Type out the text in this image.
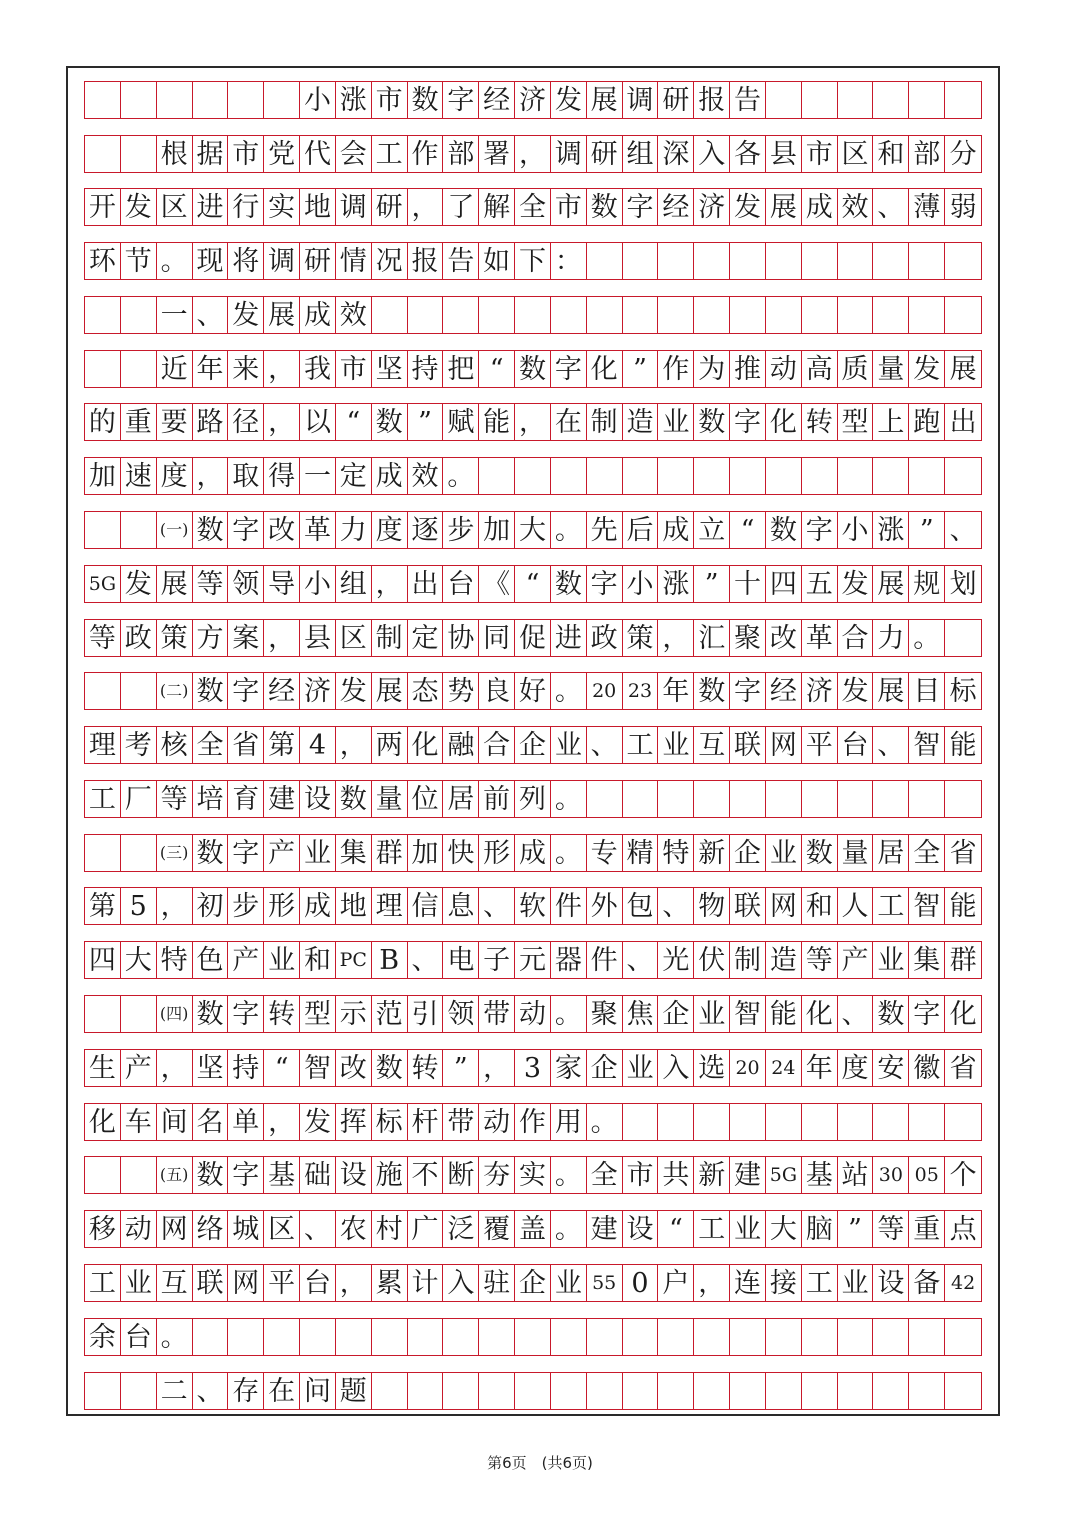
小 涨 市 数 字 经 济 发 展 调 研 报 告
根 据 市 党 代 会 工 作 部 署 ， 调 研 组 深 入 各 县 市 区 和 部 分
开 发 区 进 行 实 地 调 研 ， 了 解 全 市 数 字 经 济 发 展 成 效 、 薄 弱
环 节 。 现 将 调 研 情 况 报 告 如 下 ：
一 、 发 展 成 效
近 年 来 ， 我 市 坚 持 把 “ 数 字 化 ” 作 为 推 动 高 质 量 发 展
的 重 要 路 径 ， 以 “ 数 ” 赋 能 ， 在 制 造 业 数 字 化 转 型 上 跑 出
加 速 度 ， 取 得 一 定 成 效 。
(一) 数 字 改 革 力 度 逐 步 加 大 。 先 后 成 立 “ 数 字 小 涨 ” 、
5G 发 展 等 领 导 小 组 ， 出 台 《 “ 数 字 小 涨 ” 十 四 五 发 展 规 划
等 政 策 方 案 ， 县 区 制 定 协 同 促 进 政 策 ， 汇 聚 改 革 合 力 。
(二) 数 字 经 济 发 展 态 势 良 好 。 20 23 年 数 字 经 济 发 展 目 标
理 考 核 全 省 第 4 ， 两 化 融 合 企 业 、 工 业 互 联 网 平 台 、 智 能
工 厂 等 培 育 建 设 数 量 位 居 前 列 。
(三) 数 字 产 业 集 群 加 快 形 成 。 专 精 特 新 企 业 数 量 居 全 省
第 5 ， 初 步 形 成 地 理 信 息 、 软 件 外 包 、 物 联 网 和 人 工 智 能
四 大 特 色 产 业 和 PC B 、 电 子 元 器 件 、 光 伏 制 造 等 产 业 集 群
(四) 数 字 转 型 示 范 引 领 带 动 。 聚 焦 企 业 智 能 化 、 数 字 化
生 产 ， 坚 持 “ 智 改 数 转 ” ， 3 家 企 业 入 选 20 24 年 度 安 徽 省
化 车 间 名 单 ， 发 挥 标 杆 带 动 作 用 。
(五) 数 字 基 础 设 施 不 断 夯 实 。 全 市 共 新 建 5G 基 站 30 05 个
移 动 网 络 城 区 、 农 村 广 泛 覆 盖 。 建 设 “ 工 业 大 脑 ” 等 重 点
工 业 互 联 网 平 台 ， 累 计 入 驻 企 业 55 0 户 ， 连 接 工 业 设 备 42
余 台 。
二 、 存 在 问 题
第6页　(共6页)
